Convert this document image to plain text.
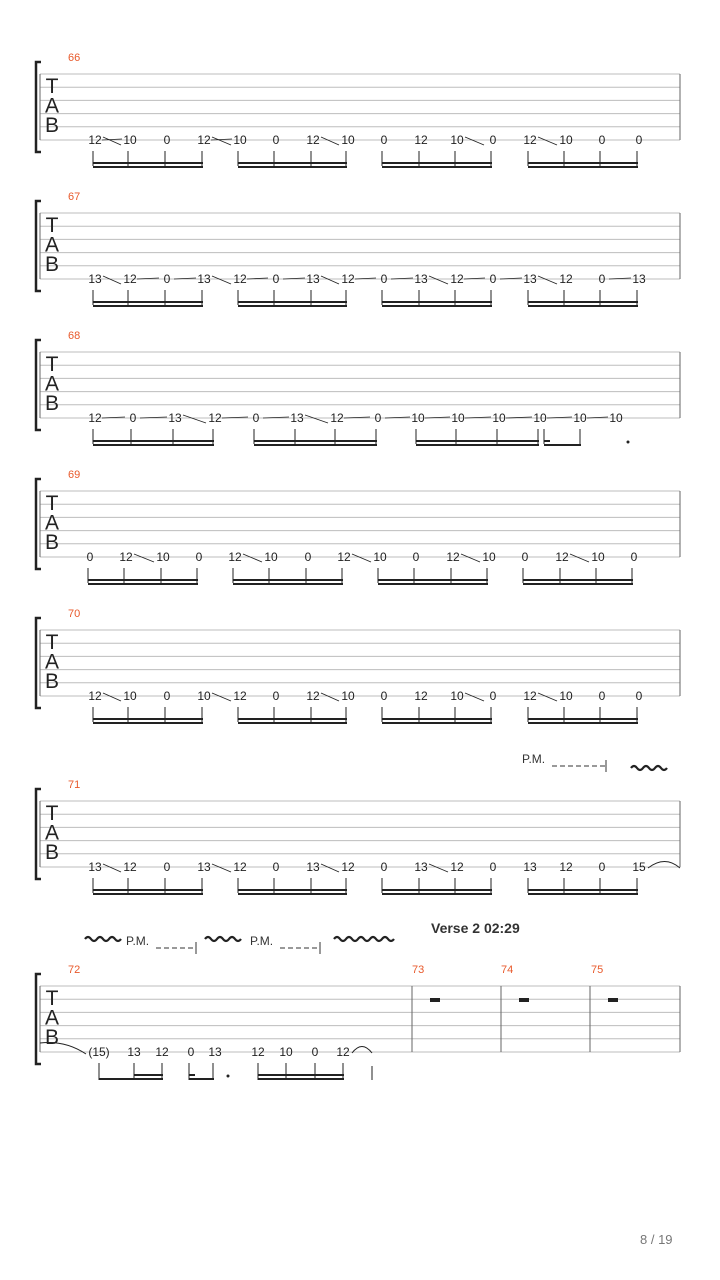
T
A
B
66
12 10 0 12 10 0 12 10 0 12 10 0 12 10 0	0
T
A
B
67
13 12 0 13 12 0 13 12 0 13 12 0 13 12 0 13
T
A
B
68
12 0	13 12	0	13 12	0 10 10 10 10 10 10
T
A
B
69
0 12 10 0 12 10 0 12 10 0 12 10 0 12 10 0
T
A
B
70
12 10 0 10 12 0 12 10 0 12 10 0 12 10 0	0
T
A
B
71
13 12 0 13 12 0 13 12 0 13 12 0 13 12 0 15
T
A
B
72	73	74	75
(15) 13 12 0 13 12 10 0 12
P.M.
P.M.	P.M.
Verse 2 02:29
8 / 19
